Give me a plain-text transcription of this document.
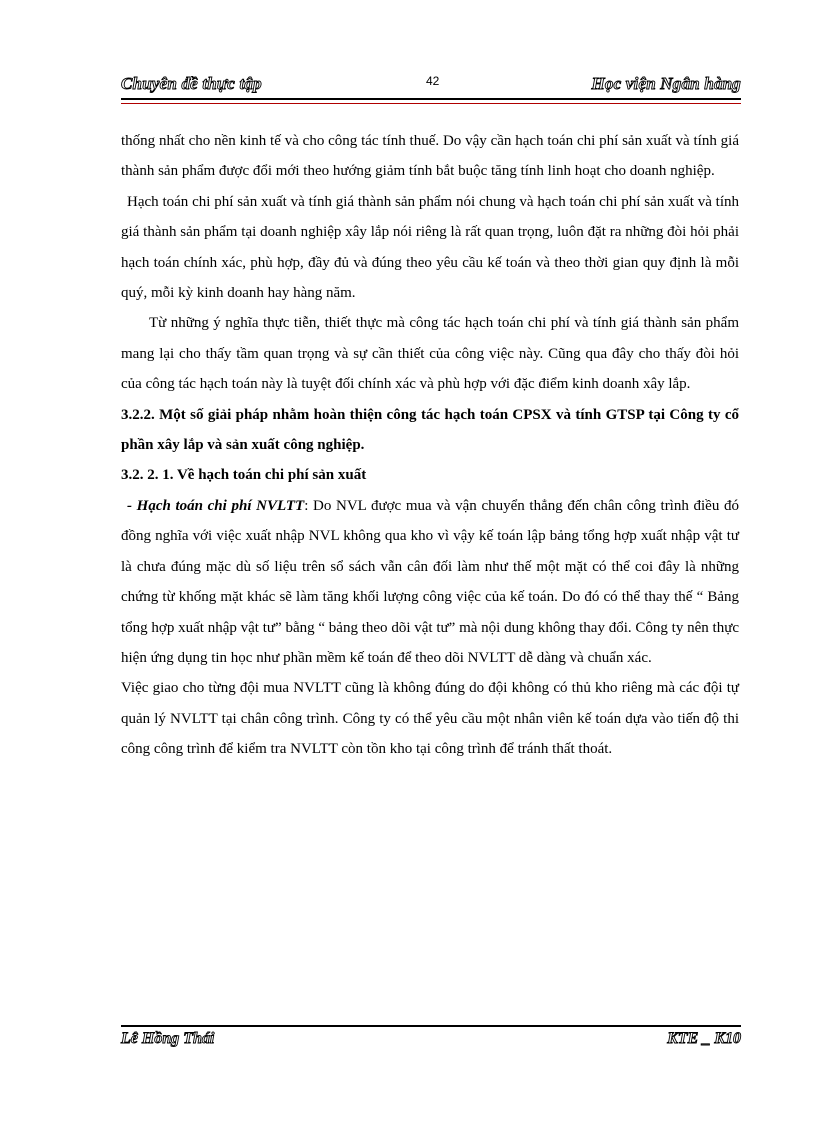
Chuyên đề thực tập	42	Học viện Ngân hàng

thống nhất cho nền kinh tế và cho công tác tính thuế. Do vậy cần hạch toán chi phí sản xuất và tính giá thành sản phẩm được đổi mới theo hướng giảm tính bắt buộc tăng tính linh hoạt cho doanh nghiệp.

Hạch toán chi phí sản xuất và tính giá thành sản phẩm nói chung và hạch toán chi phí sản xuất và tính giá thành sản phẩm tại doanh nghiệp xây lắp nói riêng là rất quan trọng, luôn đặt ra những đòi hỏi phải hạch toán chính xác, phù hợp, đầy đủ và đúng theo yêu cầu kế toán và theo thời gian quy định là mỗi quý, mỗi kỳ kinh doanh hay hàng năm.

Từ những ý nghĩa thực tiễn, thiết thực mà công tác hạch toán chi phí và tính giá thành sản phẩm mang lại cho thấy tầm quan trọng và sự cần thiết của công việc này. Cũng qua đây cho thấy đòi hỏi của công tác hạch toán này là tuyệt đối chính xác và phù hợp với đặc điểm kinh doanh xây lắp.

3.2.2. Một số giải pháp nhằm hoàn thiện công tác hạch toán CPSX và tính GTSP tại Công ty cổ phần xây lắp và sản xuất công nghiệp.

3.2. 2. 1. Về hạch toán chi phí sản xuất

- Hạch toán chi phí NVLTT: Do NVL được mua và vận chuyển thẳng đến chân công trình điều đó đồng nghĩa với việc xuất nhập NVL không qua kho vì vậy kế toán lập bảng tổng hợp xuất nhập vật tư là chưa đúng mặc dù số liệu trên sổ sách vẫn cân đối làm như thế một mặt có thể coi đây là những chứng từ khống mặt khác sẽ làm tăng khối lượng công việc của kế toán. Do đó có thể thay thế “ Bảng tổng hợp xuất nhập vật tư” bằng “ bảng theo dõi vật tư” mà nội dung không thay đổi. Công ty nên thực hiện ứng dụng tin học như phần mềm kế toán để theo dõi NVLTT dễ dàng và chuẩn xác.

Việc giao cho từng đội mua NVLTT cũng là không đúng do đội không có thủ kho riêng mà các đội tự quản lý NVLTT tại chân công trình. Công ty có thể yêu cầu một nhân viên kế toán dựa vào tiến độ thi công công trình để kiểm tra NVLTT còn tồn kho tại công trình để tránh thất thoát.

Lê Hồng Thái	KTE _ K10
